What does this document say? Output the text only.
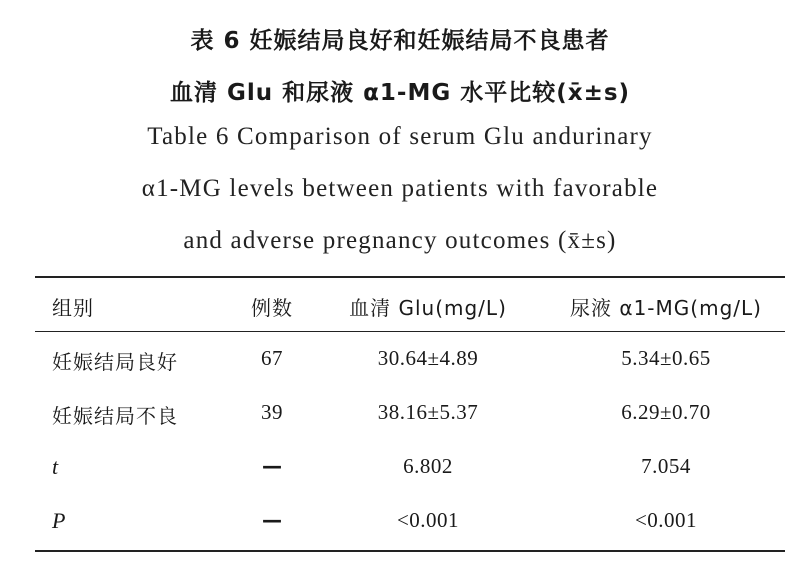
表 6 妊娠结局良好和妊娠结局不良患者
血清 Glu 和尿液 α1-MG 水平比较(x̄±s)
Table 6 Comparison of serum Glu andurinary
α1-MG levels between patients with favorable
and adverse pregnancy outcomes (x̄±s)
组别	例数	血清 Glu(mg/L)	尿液 α1-MG(mg/L)
妊娠结局良好	67	30.64±4.89	5.34±0.65
妊娠结局不良	39	38.16±5.37	6.29±0.70
t	—	6.802	7.054
P	—	<0.001	<0.001
